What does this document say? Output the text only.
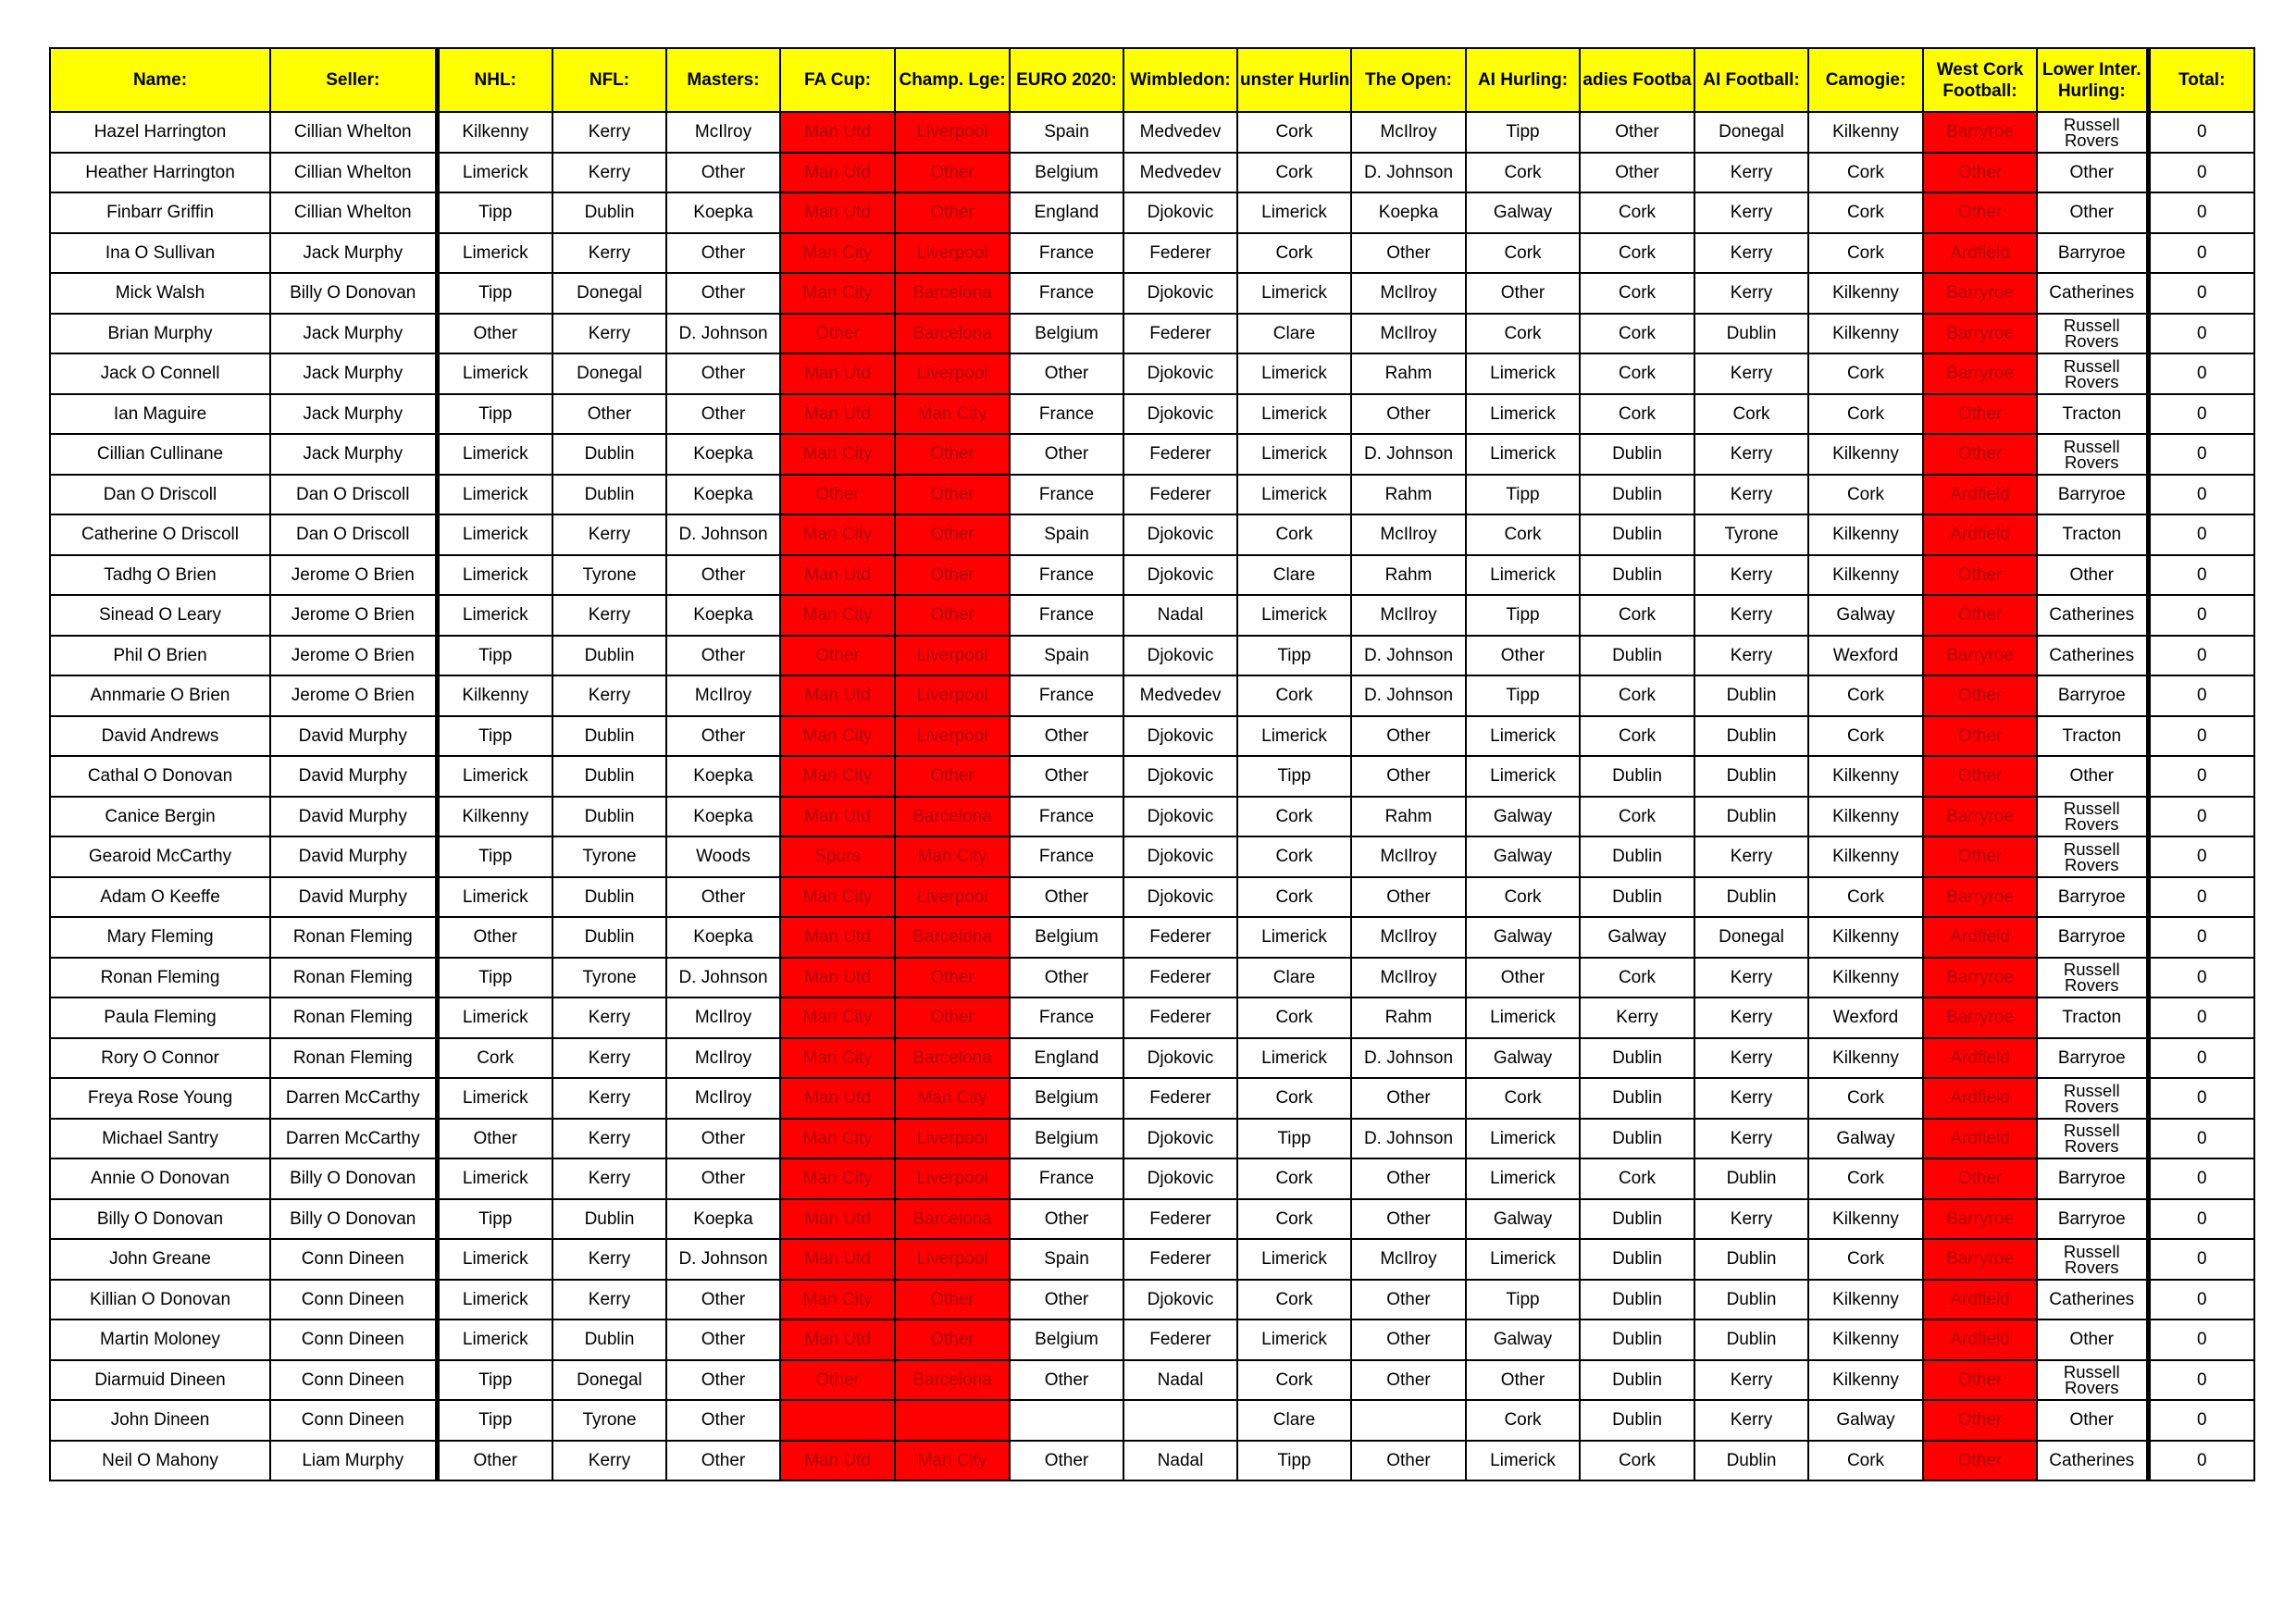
Name:	Seller:	NHL:	NFL:	Masters:	FA Cup:	Champ. Lge:	EURO 2020:	Wimbledon:	unster Hurlin	The Open:	AI Hurling:	adies Footba	AI Football:	Camogie:	West Cork Football:	Lower Inter. Hurling:	Total:
Hazel Harrington	Cillian Whelton	Kilkenny	Kerry	McIlroy	Man Utd	Liverpool	Spain	Medvedev	Cork	McIlroy	Tipp	Other	Donegal	Kilkenny	Barryroe	Russell Rovers	0
Heather Harrington	Cillian Whelton	Limerick	Kerry	Other	Man Utd	Other	Belgium	Medvedev	Cork	D. Johnson	Cork	Other	Kerry	Cork	Other	Other	0
Finbarr Griffin	Cillian Whelton	Tipp	Dublin	Koepka	Man Utd	Other	England	Djokovic	Limerick	Koepka	Galway	Cork	Kerry	Cork	Other	Other	0
Ina O Sullivan	Jack Murphy	Limerick	Kerry	Other	Man City	Liverpool	France	Federer	Cork	Other	Cork	Cork	Kerry	Cork	Ardfield	Barryroe	0
Mick Walsh	Billy O Donovan	Tipp	Donegal	Other	Man City	Barcelona	France	Djokovic	Limerick	McIlroy	Other	Cork	Kerry	Kilkenny	Barryroe	Catherines	0
Brian Murphy	Jack Murphy	Other	Kerry	D. Johnson	Other	Barcelona	Belgium	Federer	Clare	McIlroy	Cork	Cork	Dublin	Kilkenny	Barryroe	Russell Rovers	0
Jack O Connell	Jack Murphy	Limerick	Donegal	Other	Man Utd	Liverpool	Other	Djokovic	Limerick	Rahm	Limerick	Cork	Kerry	Cork	Barryroe	Russell Rovers	0
Ian Maguire	Jack Murphy	Tipp	Other	Other	Man Utd	Man City	France	Djokovic	Limerick	Other	Limerick	Cork	Cork	Cork	Other	Tracton	0
Cillian Cullinane	Jack Murphy	Limerick	Dublin	Koepka	Man City	Other	Other	Federer	Limerick	D. Johnson	Limerick	Dublin	Kerry	Kilkenny	Other	Russell Rovers	0
Dan O Driscoll	Dan O Driscoll	Limerick	Dublin	Koepka	Other	Other	France	Federer	Limerick	Rahm	Tipp	Dublin	Kerry	Cork	Ardfield	Barryroe	0
Catherine O Driscoll	Dan O Driscoll	Limerick	Kerry	D. Johnson	Man City	Other	Spain	Djokovic	Cork	McIlroy	Cork	Dublin	Tyrone	Kilkenny	Ardfield	Tracton	0
Tadhg O Brien	Jerome O Brien	Limerick	Tyrone	Other	Man Utd	Other	France	Djokovic	Clare	Rahm	Limerick	Dublin	Kerry	Kilkenny	Other	Other	0
Sinead O Leary	Jerome O Brien	Limerick	Kerry	Koepka	Man City	Other	France	Nadal	Limerick	McIlroy	Tipp	Cork	Kerry	Galway	Other	Catherines	0
Phil O Brien	Jerome O Brien	Tipp	Dublin	Other	Other	Liverpool	Spain	Djokovic	Tipp	D. Johnson	Other	Dublin	Kerry	Wexford	Barryroe	Catherines	0
Annmarie O Brien	Jerome O Brien	Kilkenny	Kerry	McIlroy	Man Utd	Liverpool	France	Medvedev	Cork	D. Johnson	Tipp	Cork	Dublin	Cork	Other	Barryroe	0
David Andrews	David Murphy	Tipp	Dublin	Other	Man City	Liverpool	Other	Djokovic	Limerick	Other	Limerick	Cork	Dublin	Cork	Other	Tracton	0
Cathal O Donovan	David Murphy	Limerick	Dublin	Koepka	Man City	Other	Other	Djokovic	Tipp	Other	Limerick	Dublin	Dublin	Kilkenny	Other	Other	0
Canice Bergin	David Murphy	Kilkenny	Dublin	Koepka	Man Utd	Barcelona	France	Djokovic	Cork	Rahm	Galway	Cork	Dublin	Kilkenny	Barryroe	Russell Rovers	0
Gearoid McCarthy	David Murphy	Tipp	Tyrone	Woods	Spurs	Man City	France	Djokovic	Cork	McIlroy	Galway	Dublin	Kerry	Kilkenny	Other	Russell Rovers	0
Adam O Keeffe	David Murphy	Limerick	Dublin	Other	Man City	Liverpool	Other	Djokovic	Cork	Other	Cork	Dublin	Dublin	Cork	Barryroe	Barryroe	0
Mary Fleming	Ronan Fleming	Other	Dublin	Koepka	Man Utd	Barcelona	Belgium	Federer	Limerick	McIlroy	Galway	Galway	Donegal	Kilkenny	Ardfield	Barryroe	0
Ronan Fleming	Ronan Fleming	Tipp	Tyrone	D. Johnson	Man Utd	Other	Other	Federer	Clare	McIlroy	Other	Cork	Kerry	Kilkenny	Barryroe	Russell Rovers	0
Paula Fleming	Ronan Fleming	Limerick	Kerry	McIlroy	Man City	Other	France	Federer	Cork	Rahm	Limerick	Kerry	Kerry	Wexford	Barryroe	Tracton	0
Rory O Connor	Ronan Fleming	Cork	Kerry	McIlroy	Man City	Barcelona	England	Djokovic	Limerick	D. Johnson	Galway	Dublin	Kerry	Kilkenny	Ardfield	Barryroe	0
Freya Rose Young	Darren McCarthy	Limerick	Kerry	McIlroy	Man Utd	Man City	Belgium	Federer	Cork	Other	Cork	Dublin	Kerry	Cork	Ardfield	Russell Rovers	0
Michael Santry	Darren McCarthy	Other	Kerry	Other	Man City	Liverpool	Belgium	Djokovic	Tipp	D. Johnson	Limerick	Dublin	Kerry	Galway	Ardfield	Russell Rovers	0
Annie O Donovan	Billy O Donovan	Limerick	Kerry	Other	Man City	Liverpool	France	Djokovic	Cork	Other	Limerick	Cork	Dublin	Cork	Other	Barryroe	0
Billy O Donovan	Billy O Donovan	Tipp	Dublin	Koepka	Man Utd	Barcelona	Other	Federer	Cork	Other	Galway	Dublin	Kerry	Kilkenny	Barryroe	Barryroe	0
John Greane	Conn Dineen	Limerick	Kerry	D. Johnson	Man Utd	Liverpool	Spain	Federer	Limerick	McIlroy	Limerick	Dublin	Dublin	Cork	Barryroe	Russell Rovers	0
Killian O Donovan	Conn Dineen	Limerick	Kerry	Other	Man City	Other	Other	Djokovic	Cork	Other	Tipp	Dublin	Dublin	Kilkenny	Ardfield	Catherines	0
Martin Moloney	Conn Dineen	Limerick	Dublin	Other	Man Utd	Other	Belgium	Federer	Limerick	Other	Galway	Dublin	Dublin	Kilkenny	Ardfield	Other	0
Diarmuid Dineen	Conn Dineen	Tipp	Donegal	Other	Other	Barcelona	Other	Nadal	Cork	Other	Other	Dublin	Kerry	Kilkenny	Other	Russell Rovers	0
John Dineen	Conn Dineen	Tipp	Tyrone	Other					Clare		Cork	Dublin	Kerry	Galway	Other	Other	0
Neil O Mahony	Liam Murphy	Other	Kerry	Other	Man Utd	Man City	Other	Nadal	Tipp	Other	Limerick	Cork	Dublin	Cork	Other	Catherines	0
